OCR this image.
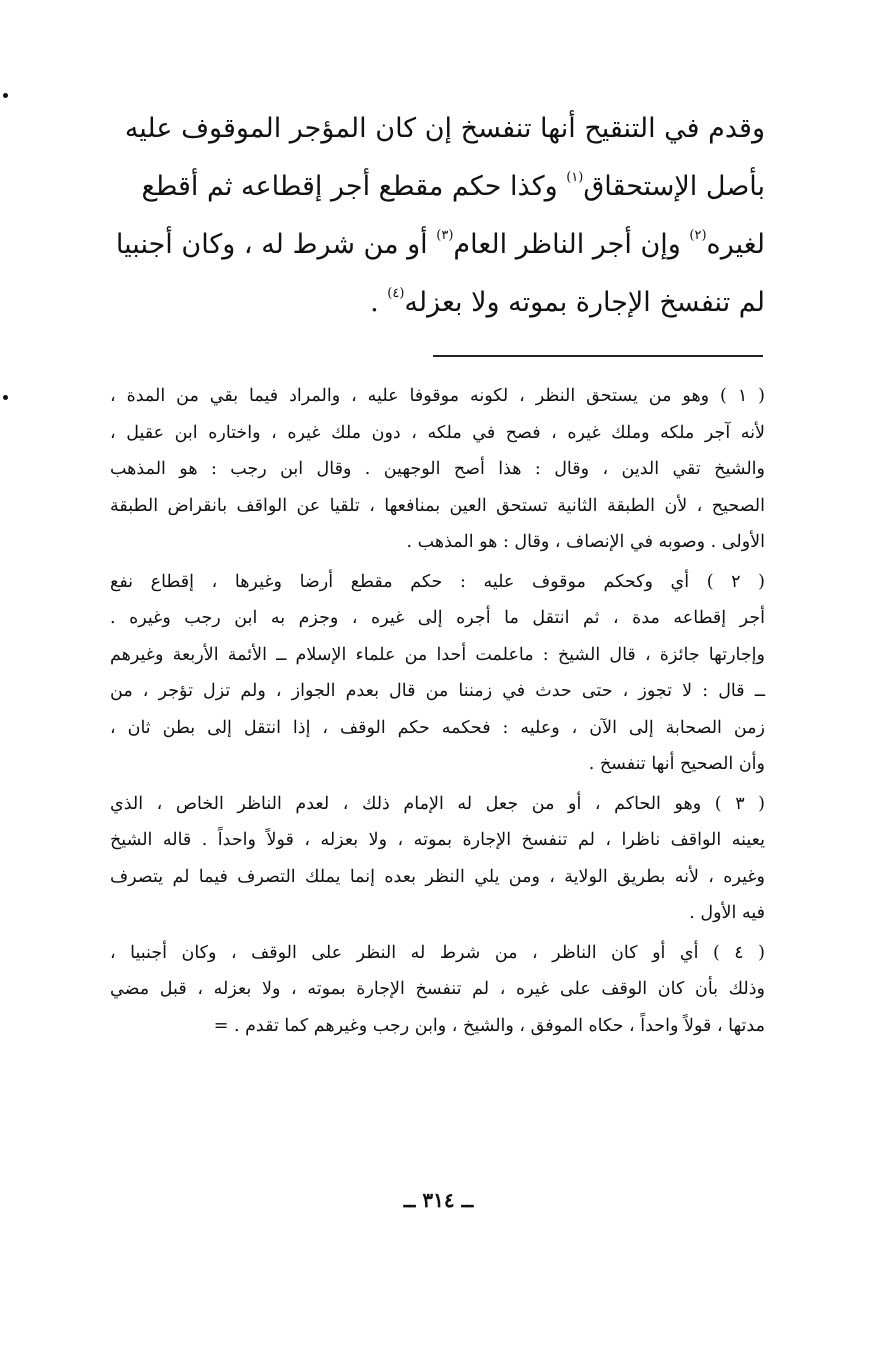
وقدم في التنقيح أنها تنفسخ إن كان المؤجر الموقوف عليه
بأصل الإستحقاق$^{(١)}$ وكذا حكم مقطع أجر إقطاعه ثم أقطع
لغيره$^{(٢)}$ وإن أجر الناظر العام$^{(٣)}$ أو من شرط له ، وكان أجنبيا
لم تنفسخ الإجارة بموته ولا بعزله$^{(٤)}$ .
( ١ ) وهو من يستحق النظر ، لكونه موقوفا عليه ، والمراد فيما بقي من المدة ،
لأنه آجر ملكه وملك غيره ، فصح في ملكه ، دون ملك غيره ، واختاره ابن عقيل ،
والشيخ تقي الدين ، وقال : هذا أصح الوجهين . وقال ابن رجب : هو المذهب
الصحيح ، لأن الطبقة الثانية تستحق العين بمنافعها ، تلقيا عن الواقف بانقراض الطبقة
الأولى . وصوبه في الإنصاف ، وقال : هو المذهب .
( ٢ ) أي وكحكم موقوف عليه : حكم مقطع أرضا وغيرها ، إقطاع نفع
أجر إقطاعه مدة ، ثم انتقل ما أجره إلى غيره ، وجزم به ابن رجب وغيره .
وإجارتها جائزة ، قال الشيخ : ماعلمت أحدا من علماء الإسلام ــ الأئمة الأربعة وغيرهم
ــ قال : لا تجوز ، حتى حدث في زمننا من قال بعدم الجواز ، ولم تزل تؤجر ، من
زمن الصحابة إلى الآن ، وعليه : فحكمه حكم الوقف ، إذا انتقل إلى بطن ثان ،
وأن الصحيح أنها تنفسخ .
( ٣ ) وهو الحاكم ، أو من جعل له الإمام ذلك ، لعدم الناظر الخاص ، الذي
يعينه الواقف ناظرا ، لم تنفسخ الإجارة بموته ، ولا بعزله ، قولاً واحداً . قاله الشيخ
وغيره ، لأنه بطريق الولاية ، ومن يلي النظر بعده إنما يملك التصرف فيما لم يتصرف
فيه الأول .
( ٤ ) أي أو كان الناظر ، من شرط له النظر على الوقف ، وكان أجنبيا ،
وذلك بأن كان الوقف على غيره ، لم تنفسخ الإجارة بموته ، ولا بعزله ، قبل مضي
مدتها ، قولاً واحداً ، حكاه الموفق ، والشيخ ، وابن رجب وغيرهم كما تقدم . =
ــ ٣١٤ ــ
